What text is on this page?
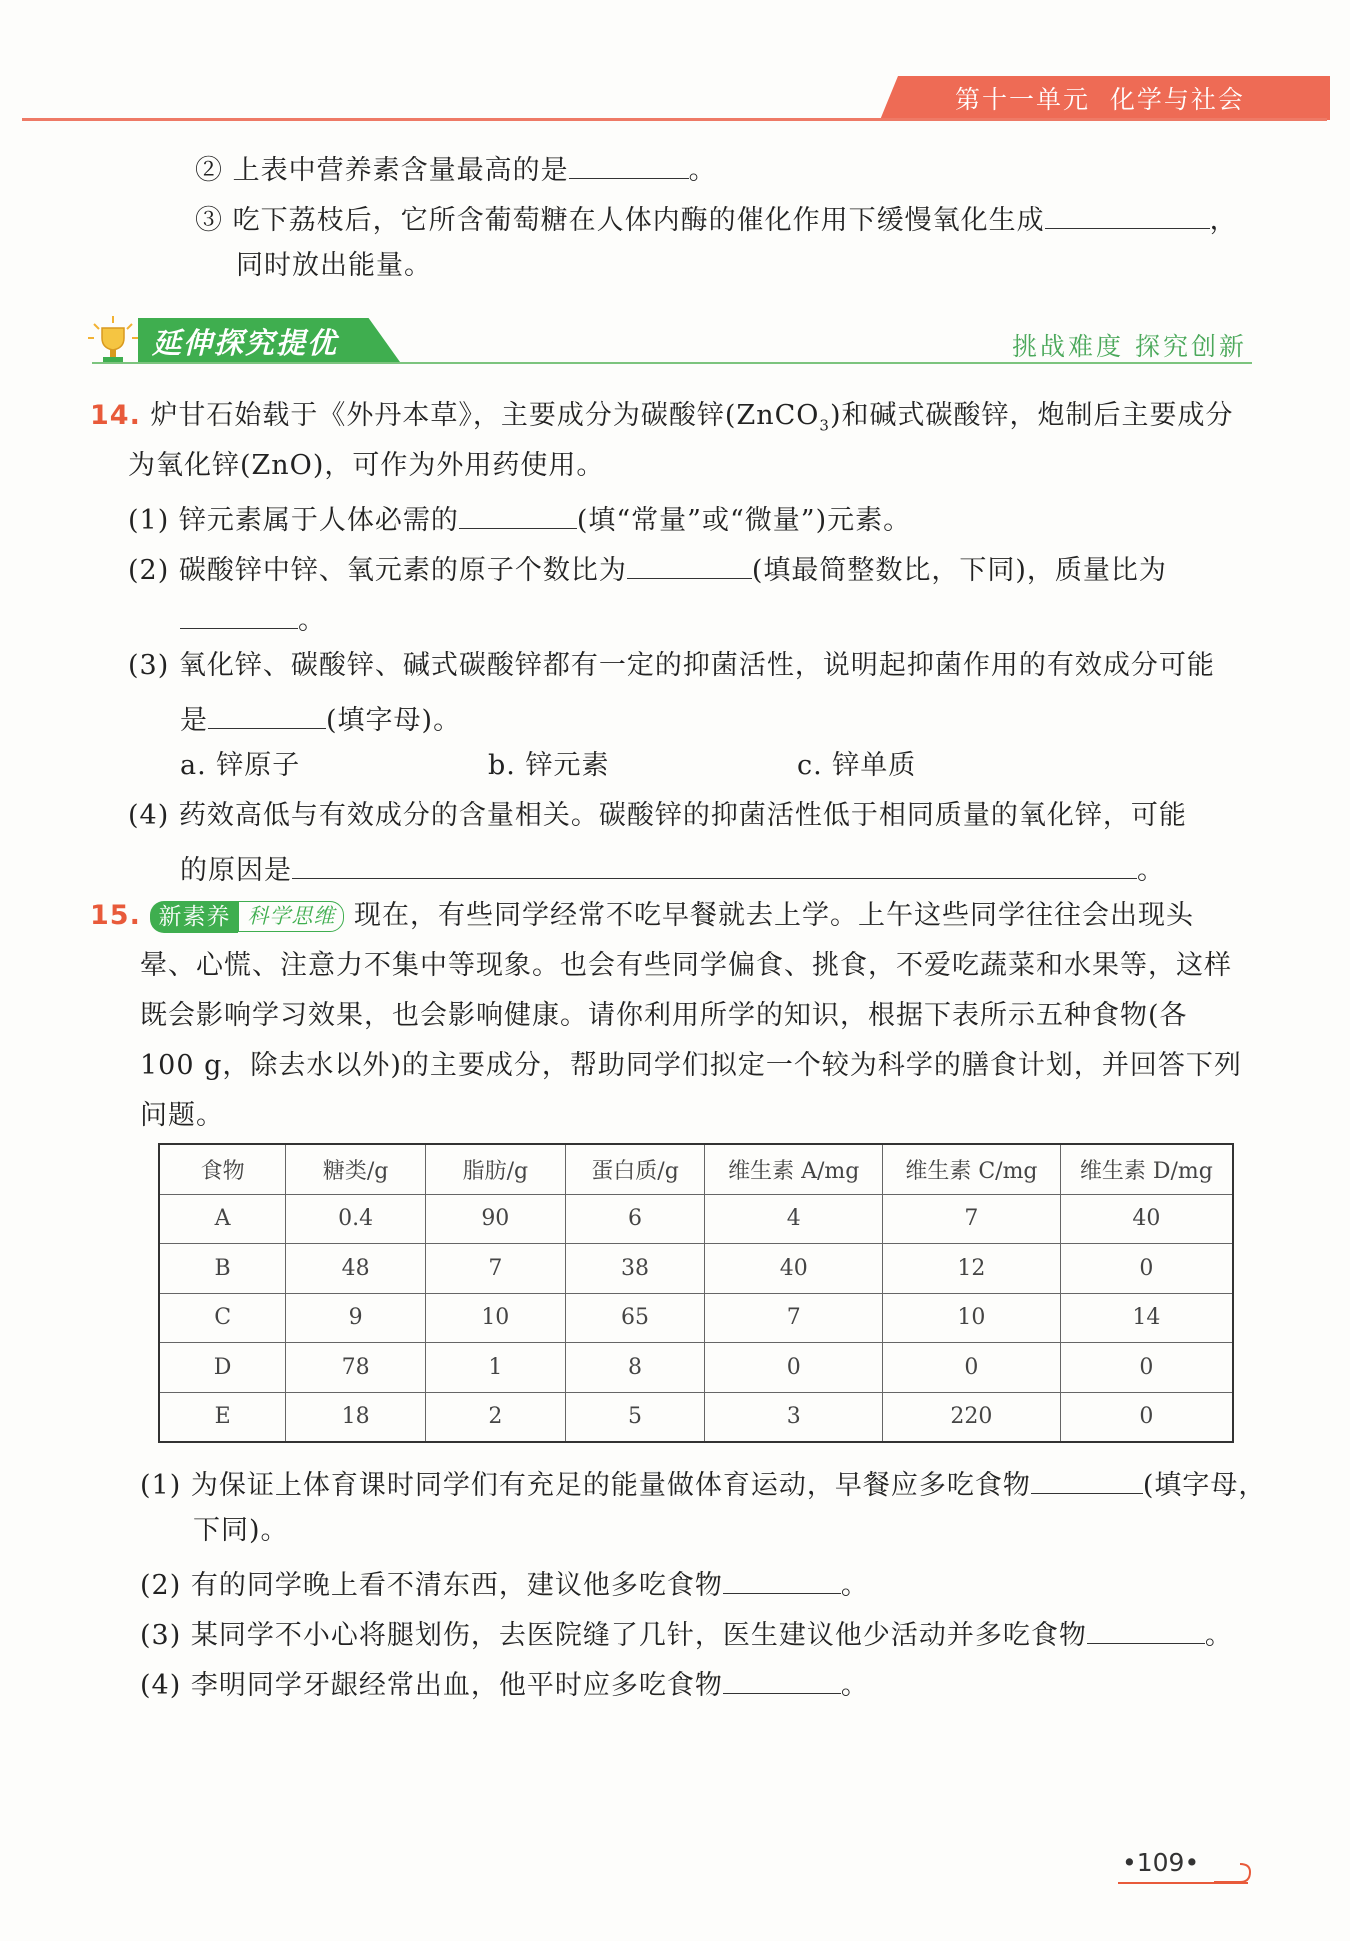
第十一单元  化学与社会
② 上表中营养素含量最高的是	。
③ 吃下荔枝后，它所含葡萄糖在人体内酶的催化作用下缓慢氧化生成	，
同时放出能量。
延伸探究提优	挑战难度 探究创新
14. 炉甘石始载于《外丹本草》，主要成分为碳酸锌(ZnCO$_3$)和碱式碳酸锌，炮制后主要成分
为氧化锌(ZnO)，可作为外用药使用。
(1) 锌元素属于人体必需的	(填“常量”或“微量”)元素。
(2) 碳酸锌中锌、氧元素的原子个数比为	(填最简整数比，下同)，质量比为
。
(3) 氧化锌、碳酸锌、碱式碳酸锌都有一定的抑菌活性，说明起抑菌作用的有效成分可能
是	(填字母)。
a. 锌原子	b. 锌元素	c. 锌单质
(4) 药效高低与有效成分的含量相关。碳酸锌的抑菌活性低于相同质量的氧化锌，可能
的原因是	。
15. 新素养 科学思维 现在，有些同学经常不吃早餐就去上学。上午这些同学往往会出现头
晕、心慌、注意力不集中等现象。也会有些同学偏食、挑食，不爱吃蔬菜和水果等，这样
既会影响学习效果，也会影响健康。请你利用所学的知识，根据下表所示五种食物(各
100 g，除去水以外)的主要成分，帮助同学们拟定一个较为科学的膳食计划，并回答下列
问题。
食物	糖类/g	脂肪/g	蛋白质/g	维生素 A/mg	维生素 C/mg	维生素 D/mg
A	0.4	90	6	4	7	40
B	48	7	38	40	12	0
C	9	10	65	7	10	14
D	78	1	8	0	0	0
E	18	2	5	3	220	0
(1) 为保证上体育课时同学们有充足的能量做体育运动，早餐应多吃食物	(填字母，
下同)。
(2) 有的同学晚上看不清东西，建议他多吃食物	。
(3) 某同学不小心将腿划伤，去医院缝了几针，医生建议他少活动并多吃食物	。
(4) 李明同学牙龈经常出血，他平时应多吃食物	。
•109•
